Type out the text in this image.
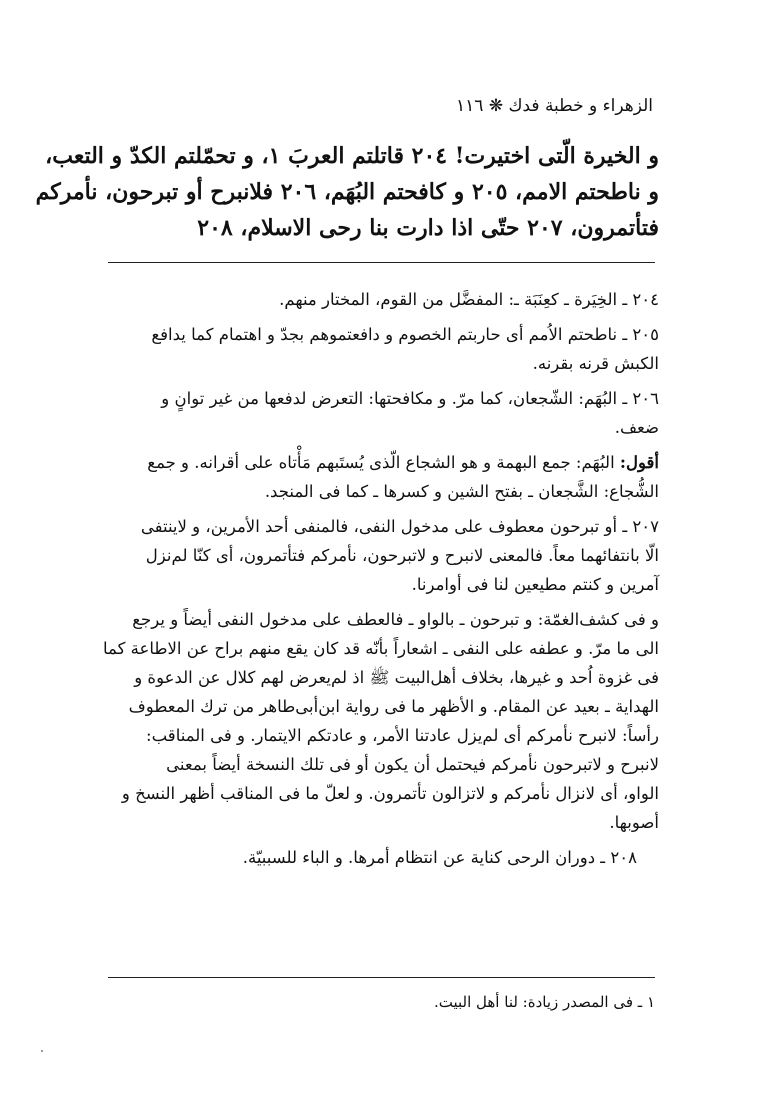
الزهراء و خطبة فدك ❋ ١١٦
و الخيرة الّتى اختيرت! ٢٠٤ قاتلتم العربَ ١، و تحمّلتم الكدّ و التعب،
و ناطحتم الامم، ٢٠٥ و كافحتم البُهَم، ٢٠٦ فلانبرح أو تبرحون، نأمركم
فتأتمرون، ٢٠٧ حتّى اذا دارت بنا رحى الاسلام، ٢٠٨
٢٠٤ ـ الخِيَرة ـ كعِنَبَة ـ: المفضَّل من القوم، المختار منهم.
٢٠٥ ـ ناطحتم الاُمم أى حاربتم الخصوم و دافعتموهم بجدّ و اهتمام كما يدافع
الكبش قرنه بقرنه.
٢٠٦ ـ البُهَم: الشّجعان، كما مرّ. و مكافحتها: التعرض لدفعها من غير توانٍ و
ضعف.
أقول: البُهَم: جمع البهمة و هو الشجاع الّذى يُستَبهم مَأْتاه على أقرانه. و جمع
الشُّجاع: الشَّجعان ـ بفتح الشين و كسرها ـ كما فى المنجد.
٢٠٧ ـ أو تبرحون معطوف على مدخول النفى، فالمنفى أحد الأمرين، و لاينتفى
الّا بانتفائهما معاً. فالمعنى لانبرح و لاتبرحون، نأمركم فتأتمرون، أى كنّا لم‌نزل
آمرين و كنتم مطيعين لنا فى أوامرنا.
و فى كشف‌الغمّة: و تبرحون ـ بالواو ـ فالعطف على مدخول النفى أيضاً و يرجع
الى ما مرّ. و عطفه على النفى ـ اشعاراً بأنّه قد كان يقع منهم براح عن الاطاعة كما
فى غزوة اُحد و غيرها، بخلاف أهل‌البيت ﷺ اذ لم‌يعرض لهم كلال عن الدعوة و
الهداية ـ بعيد عن المقام. و الأظهر ما فى رواية ابن‌أبى‌طاهر من ترك المعطوف
رأساً: لانبرح نأمركم أى لم‌يزل عادتنا الأمر، و عادتكم الايتمار. و فى المناقب:
لانبرح و لاتبرحون نأمركم فيحتمل أن يكون أو فى تلك النسخة أيضاً بمعنى
الواو، أى لانزال نأمركم و لاتزالون تأتمرون. و لعلّ ما فى المناقب أظهر النسخ و
أصوبها.
٢٠٨ ـ دوران الرحى كناية عن انتظام أمرها. و الباء للسببيّة.
١ ـ فى المصدر زيادة: لنا أهل البيت.
